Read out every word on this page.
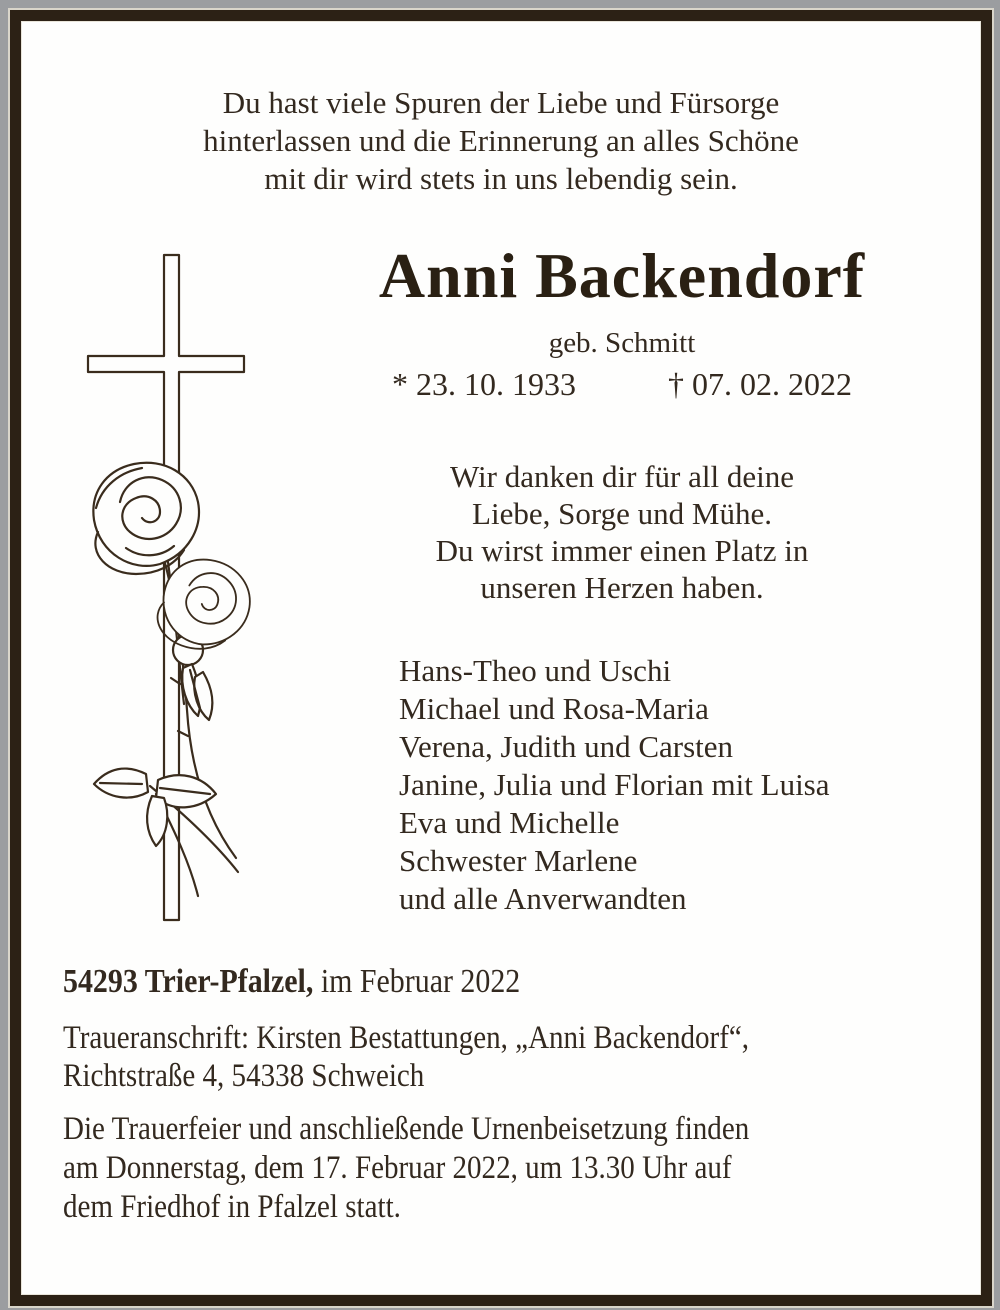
Du hast viele Spuren der Liebe und Fürsorge
hinterlassen und die Erinnerung an alles Schöne
mit dir wird stets in uns lebendig sein.
Anni Backendorf
geb. Schmitt
* 23. 10. 1933	† 07. 02. 2022
Wir danken dir für all deine
Liebe, Sorge und Mühe.
Du wirst immer einen Platz in
unseren Herzen haben.
Hans-Theo und Uschi
Michael und Rosa-Maria
Verena, Judith und Carsten
Janine, Julia und Florian mit Luisa
Eva und Michelle
Schwester Marlene
und alle Anverwandten

54293 Trier-Pfalzel, im Februar 2022

Traueranschrift: Kirsten Bestattungen, „Anni Backendorf“,
Richtstraße 4, 54338 Schweich
Die Trauerfeier und anschließende Urnenbeisetzung finden
am Donnerstag, dem 17. Februar 2022, um 13.30 Uhr auf
dem Friedhof in Pfalzel statt.
